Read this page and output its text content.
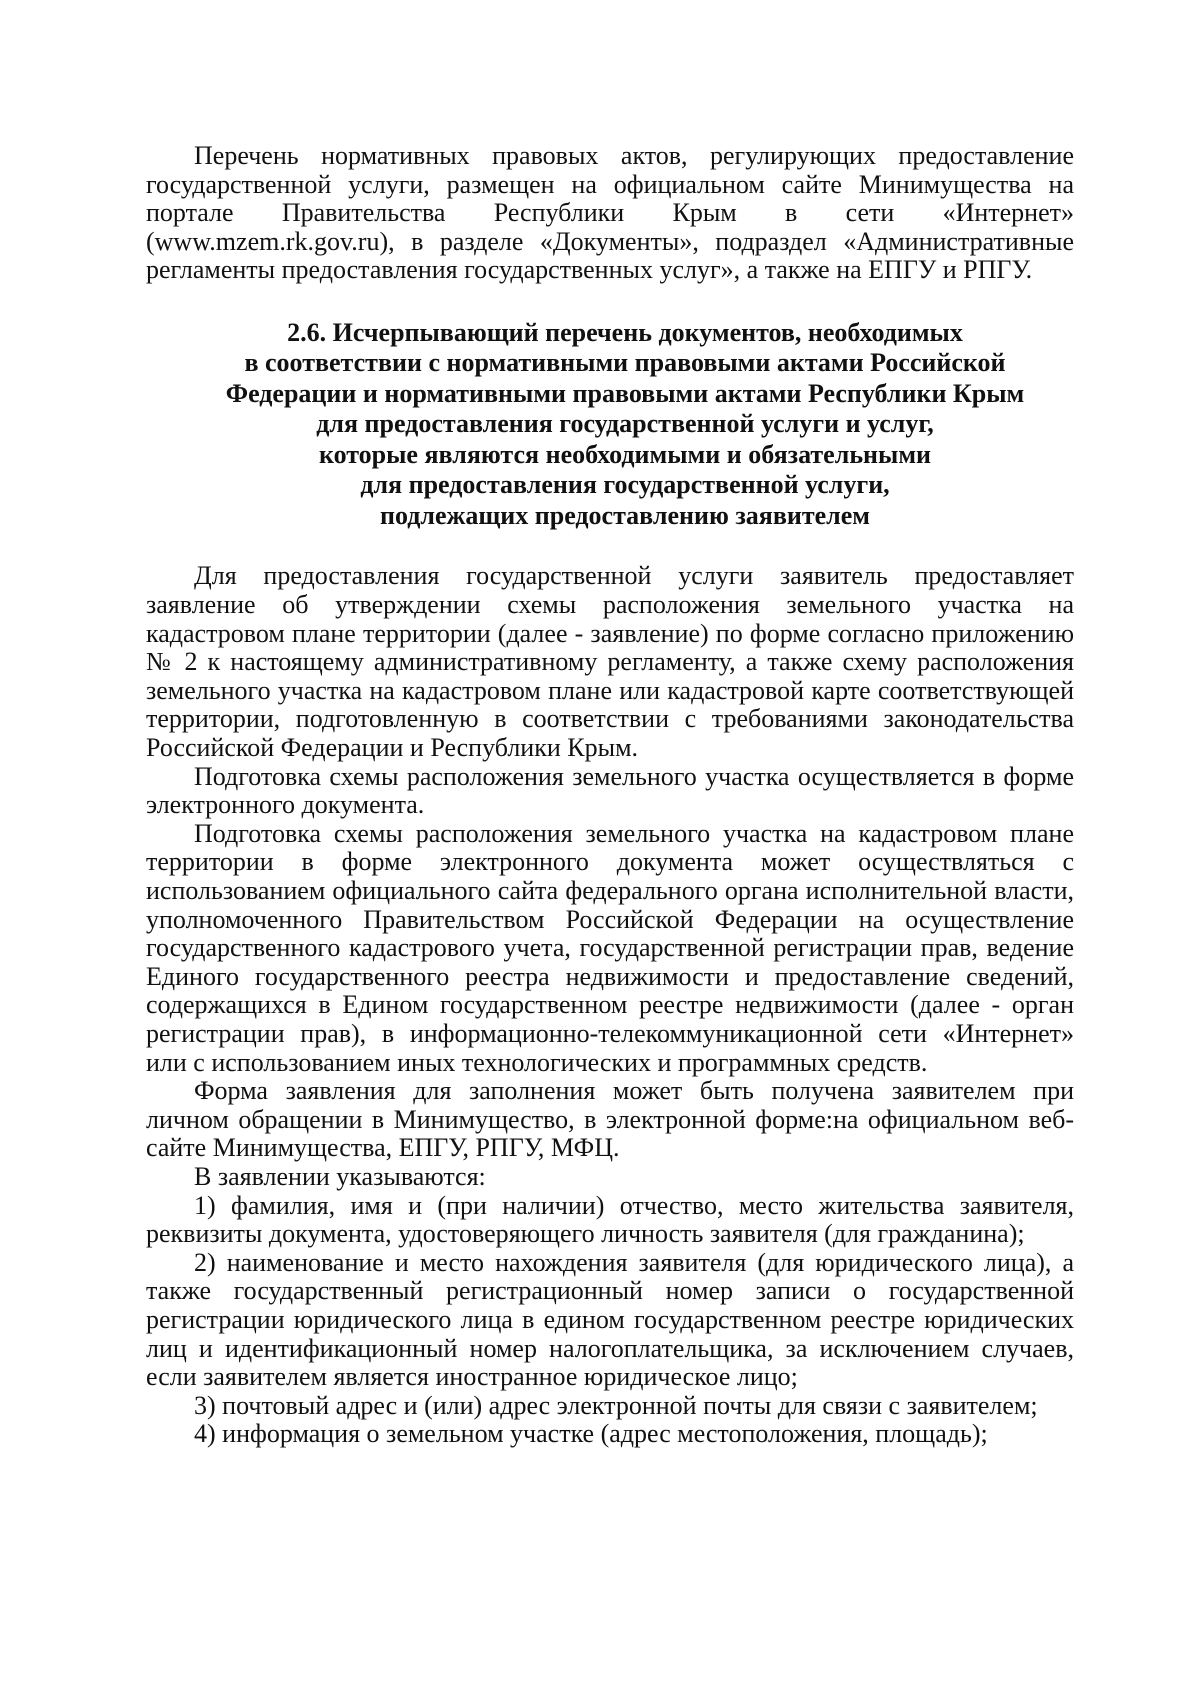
Перечень нормативных правовых актов, регулирующих предоставление государственной услуги, размещен на официальном сайте Минимущества на портале Правительства Республики Крым в сети «Интернет» (www.mzem.rk.gov.ru), в разделе «Документы», подраздел «Административные регламенты предоставления государственных услуг», а также на ЕПГУ и РПГУ.

2.6. Исчерпывающий перечень документов, необходимых
в соответствии с нормативными правовыми актами Российской
Федерации и нормативными правовыми актами Республики Крым
для предоставления государственной услуги и услуг,
которые являются необходимыми и обязательными
для предоставления государственной услуги,
подлежащих предоставлению заявителем

Для предоставления государственной услуги заявитель предоставляет заявление об утверждении схемы расположения земельного участка на кадастровом плане территории (далее - заявление) по форме согласно приложению № 2 к настоящему административному регламенту, а также схему расположения земельного участка на кадастровом плане или кадастровой карте соответствующей территории, подготовленную в соответствии с требованиями законодательства Российской Федерации и Республики Крым.

Подготовка схемы расположения земельного участка осуществляется в форме электронного документа.

Подготовка схемы расположения земельного участка на кадастровом плане территории в форме электронного документа может осуществляться с использованием официального сайта федерального органа исполнительной власти, уполномоченного Правительством Российской Федерации на осуществление государственного кадастрового учета, государственной регистрации прав, ведение Единого государственного реестра недвижимости и предоставление сведений, содержащихся в Едином государственном реестре недвижимости (далее - орган регистрации прав), в информационно-телекоммуникационной сети «Интернет» или с использованием иных технологических и программных средств.

Форма заявления для заполнения может быть получена заявителем при личном обращении в Минимущество, в электронной форме:на официальном веб-сайте Минимущества, ЕПГУ, РПГУ, МФЦ.

В заявлении указываются:

1) фамилия, имя и (при наличии) отчество, место жительства заявителя, реквизиты документа, удостоверяющего личность заявителя (для гражданина);

2) наименование и место нахождения заявителя (для юридического лица), а также государственный регистрационный номер записи о государственной регистрации юридического лица в едином государственном реестре юридических лиц и идентификационный номер налогоплательщика, за исключением случаев, если заявителем является иностранное юридическое лицо;

3) почтовый адрес и (или) адрес электронной почты для связи с заявителем;

4) информация о земельном участке (адрес местоположения, площадь);
